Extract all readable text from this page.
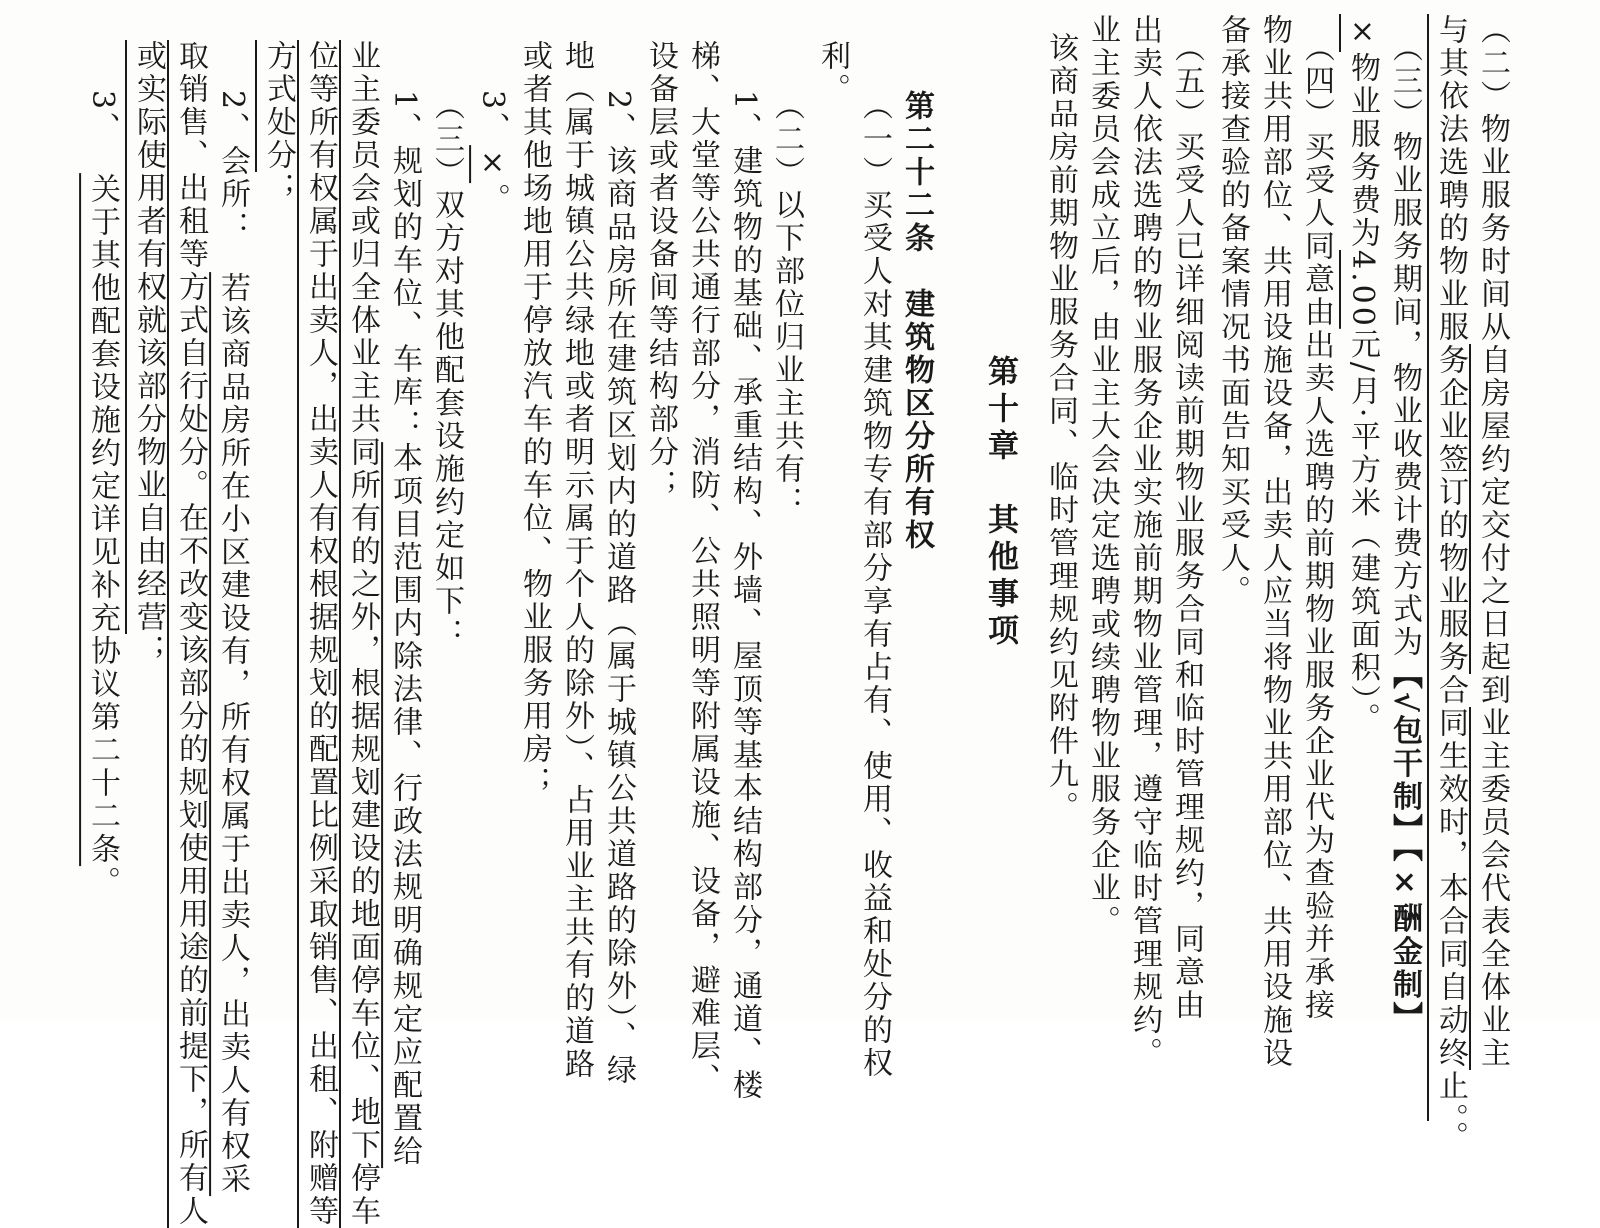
（二）物业服务时间从自房屋约定交付之日起到业主委员会代表全体业主
与其依法选聘的物业服务企业签订的物业服务合同生效时，本合同自动终止。。
（三）物业服务期间，物业收费计费方式为【√包干制】【×酬金制】
×物业服务费为4.00元/月·平方米（建筑面积）。
（四）买受人同意由出卖人选聘的前期物业服务企业代为查验并承接
物业共用部位、共用设施设备，出卖人应当将物业共用部位、共用设施设
备承接查验的备案情况书面告知买受人。
（五）买受人已详细阅读前期物业服务合同和临时管理规约，同意由
出卖人依法选聘的物业服务企业实施前期物业管理，遵守临时管理规约。
业主委员会成立后，由业主大会决定选聘或续聘物业服务企业。
该商品房前期物业服务合同、临时管理规约见附件九。
第十章　其他事项
第二十二条　建筑物区分所有权
（一）买受人对其建筑物专有部分享有占有、使用、收益和处分的权
利。
（二）以下部位归业主共有：
1、建筑物的基础、承重结构、外墙、屋顶等基本结构部分，通道、楼
梯、大堂等公共通行部分，消防、公共照明等附属设施、设备，避难层、
设备层或者设备间等结构部分；
2、该商品房所在建筑区划内的道路（属于城镇公共道路的除外）、绿
地（属于城镇公共绿地或者明示属于个人的除外）、占用业主共有的道路
或者其他场地用于停放汽车的车位、物业服务用房；
3、×。
（三）双方对其他配套设施约定如下：
1、规划的车位、车库：本项目范围内除法律、行政法规明确规定应配置给
业主委员会或归全体业主共同所有的之外，根据规划建设的地面停车位、地下停车
位等所有权属于出卖人，出卖人有权根据规划的配置比例采取销售、出租、附赠等
方式处分；
2、会所：若该商品房所在小区建设有，所有权属于出卖人，出卖人有权采
取销售、出租等方式自行处分。在不改变该部分的规划使用用途的前提下，所有人
或实际使用者有权就该部分物业自由经营；
3、关于其他配套设施约定详见补充协议第二十二条。
